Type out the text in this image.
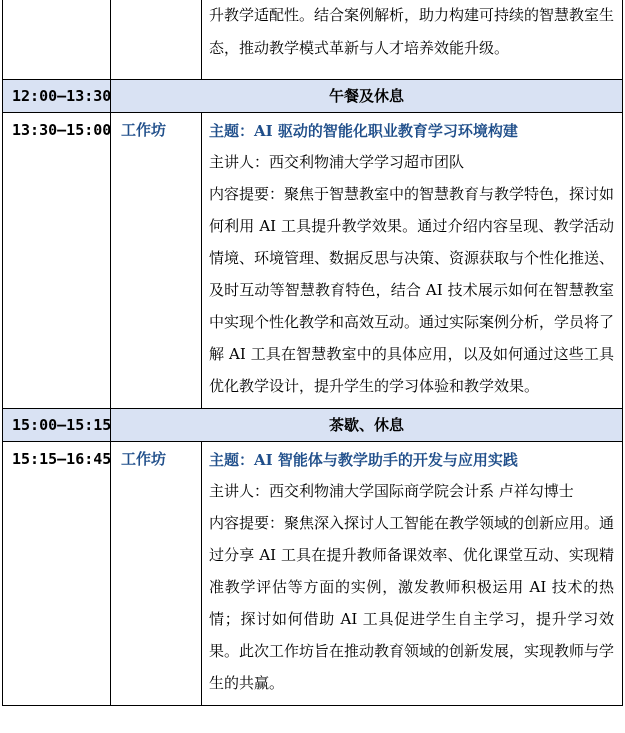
		升教学适配性。结合案例解析，助力构建可持续的智慧教室生态，推动教学模式革新与人才培养效能升级。
12:00–13:30	午餐及休息	
13:30–15:00	工作坊	主题：AI 驱动的智能化职业教育学习环境构建

主讲人：西交利物浦大学学习超市团队

内容提要：聚焦于智慧教室中的智慧教育与教学特色，探讨如何利用 AI 工具提升教学效果。通过介绍内容呈现、教学活动情境、环境管理、数据反思与决策、资源获取与个性化推送、及时互动等智慧教育特色，结合 AI 技术展示如何在智慧教室中实现个性化教学和高效互动。通过实际案例分析，学员将了解 AI 工具在智慧教室中的具体应用，以及如何通过这些工具优化教学设计，提升学生的学习体验和教学效果。

15:00–15:15	茶歇、休息	
15:15–16:45	工作坊	主题：AI 智能体与教学助手的开发与应用实践

主讲人：西交利物浦大学国际商学院会计系 卢祥勾博士

内容提要：聚焦深入探讨人工智能在教学领域的创新应用。通过分享 AI 工具在提升教师备课效率、优化课堂互动、实现精准教学评估等方面的实例，激发教师积极运用 AI 技术的热情；探讨如何借助 AI 工具促进学生自主学习，提升学习效果。此次工作坊旨在推动教育领域的创新发展，实现教师与学生的共赢。
